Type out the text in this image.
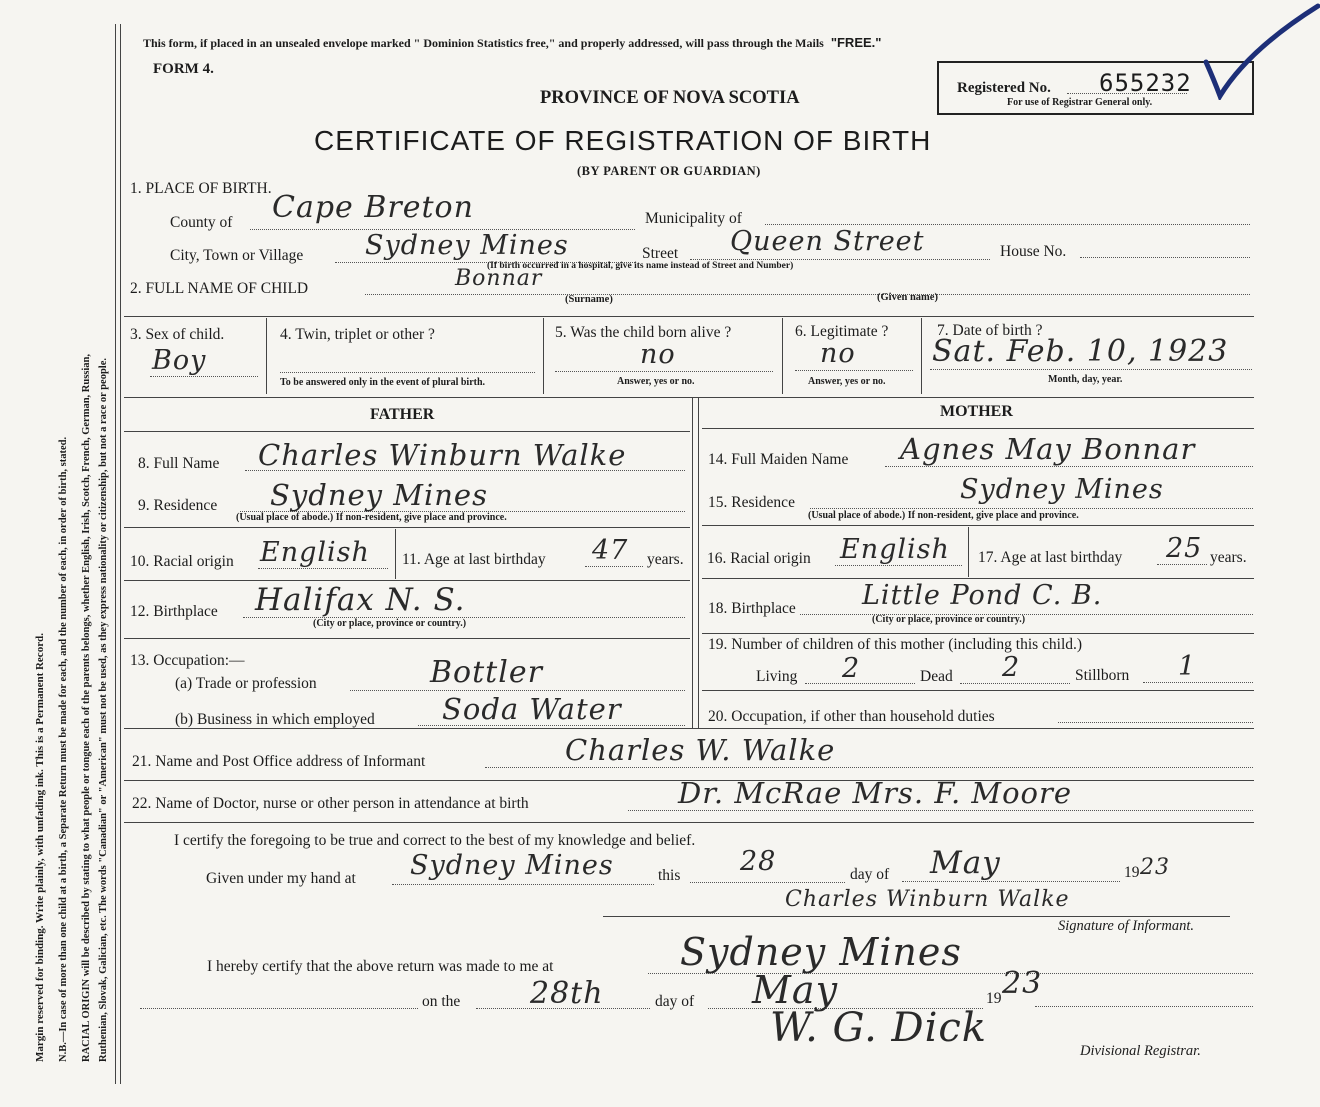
Margin reserved for binding. Write plainly, with unfading ink. This is a Permanent Record. N.B.—In case of more than one child at a birth, a Separate Return must be made for each, and the number of each, in order of birth, stated. RACIAL ORIGIN will be described by stating to what people or tongue each of the parents belongs, whether English, Irish, Scotch, French, German, Russian, Ruthenian, Slovak, Galician, etc. The words "Canadian" or "American" must not be used, as they express nationality or citizenship, but not a race or people.
This form, if placed in an unsealed envelope marked " Dominion Statistics free," and properly addressed, will pass through the Mails "FREE."
FORM 4.
PROVINCE OF NOVA SCOTIA	Registered No. 655232
For use of Registrar General only.
CERTIFICATE OF REGISTRATION OF BIRTH
(BY PARENT OR GUARDIAN)
1. PLACE OF BIRTH.
County of Cape Breton	Municipality of
City, Town or Village Sydney Mines	Street Queen Street	House No.
(If birth occurred in a hospital, give its name instead of Street and Number)
2. FULL NAME OF CHILD	Bonnar
(Surname)	(Given name)
3. Sex of child.
Boy
4. Twin, triplet or other ?
To be answered only in the event of plural birth.
5. Was the child born alive ?
no
Answer, yes or no.
6. Legitimate ?
no
Answer, yes or no.
7. Date of birth ?
Sat. Feb. 10, 1923
Month, day, year.
FATHER	MOTHER
8. Full Name Charles Winburn Walke
9. Residence Sydney Mines
(Usual place of abode.) If non-resident, give place and province.
10. Racial origin English 11. Age at last birthday 47 years.
12. Birthplace Halifax N. S.
(City or place, province or country.)
13. Occupation:—
(a) Trade or profession	Bottler
(b) Business in which employed Soda Water
14. Full Maiden Name Agnes May Bonnar
15. Residence	Sydney Mines
(Usual place of abode.) If non-resident, give place and province.
16. Racial origin English 17. Age at last birthday 25 years.
18. Birthplace Little Pond C. B.
(City or place, province or country.)
19. Number of children of this mother (including this child.)
Living 2	Dead 2	Stillborn 1
20. Occupation, if other than household duties
21. Name and Post Office address of Informant	Charles W. Walke
22. Name of Doctor, nurse or other person in attendance at birth	Dr. McRae Mrs. F. Moore
I certify the foregoing to be true and correct to the best of my knowledge and belief.
Given under my hand at Sydney Mines	this 28	day of May	19 23
Charles Winburn Walke
Signature of Informant.
I hereby certify that the above return was made to me at	Sydney Mines
on the 28th	day of May	19 23
W. G. Dick	Divisional Registrar.
